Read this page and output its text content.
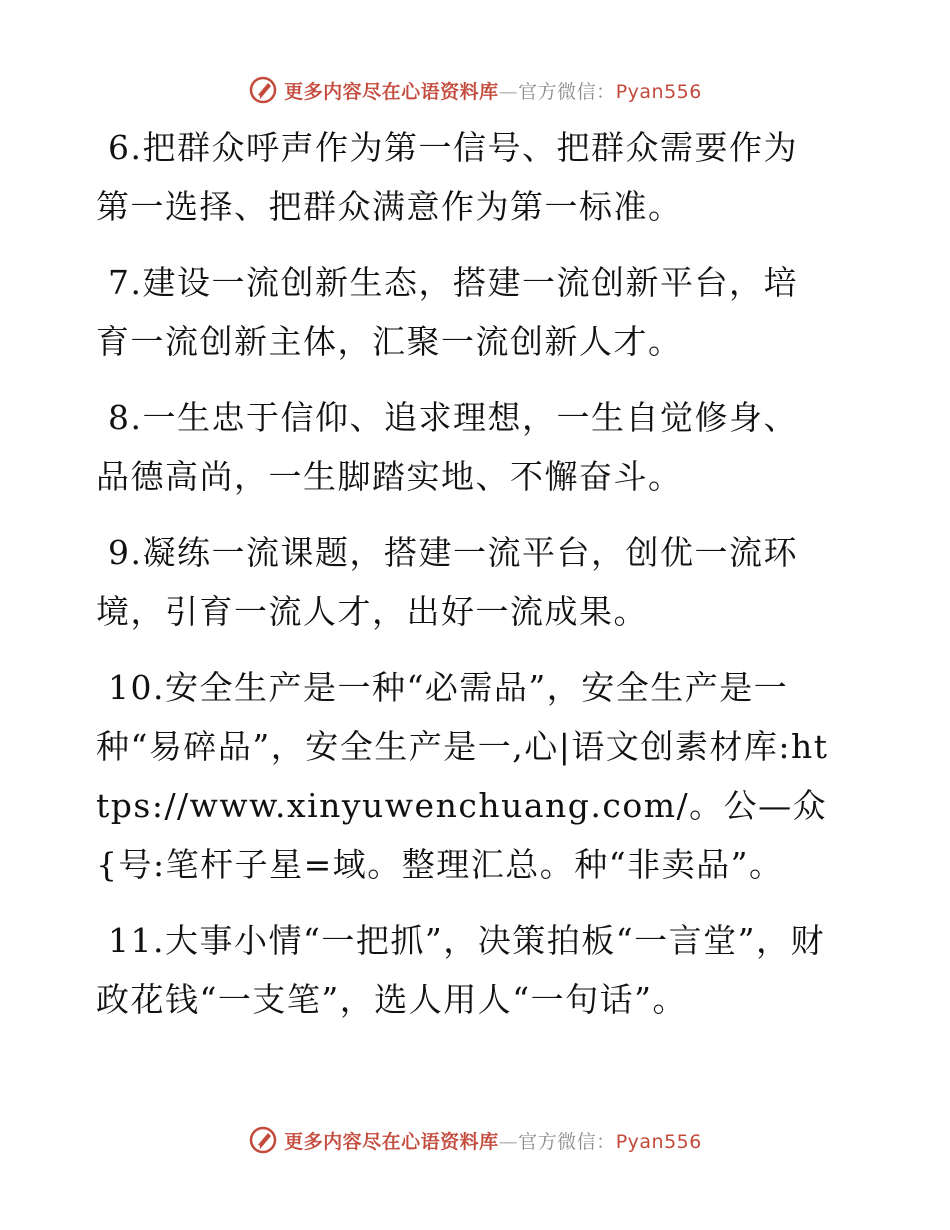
更多内容尽在心语资料库—官方微信：Pyan556

6.把群众呼声作为第一信号、把群众需要作为第一选择、把群众满意作为第一标准。

7.建设一流创新生态，搭建一流创新平台，培育一流创新主体，汇聚一流创新人才。

8.一生忠于信仰、追求理想，一生自觉修身、品德高尚，一生脚踏实地、不懈奋斗。

9.凝练一流课题，搭建一流平台，创优一流环境，引育一流人才，出好一流成果。

10.安全生产是一种“必需品”，安全生产是一种“易碎品”，安全生产是一,心|语文创素材库:https://www.xinyuwenchuang.com/。公—众{号:笔杆子星=域。整理汇总。种“非卖品”。

11.大事小情“一把抓”，决策拍板“一言堂”，财政花钱“一支笔”，选人用人“一句话”。

更多内容尽在心语资料库—官方微信：Pyan556
